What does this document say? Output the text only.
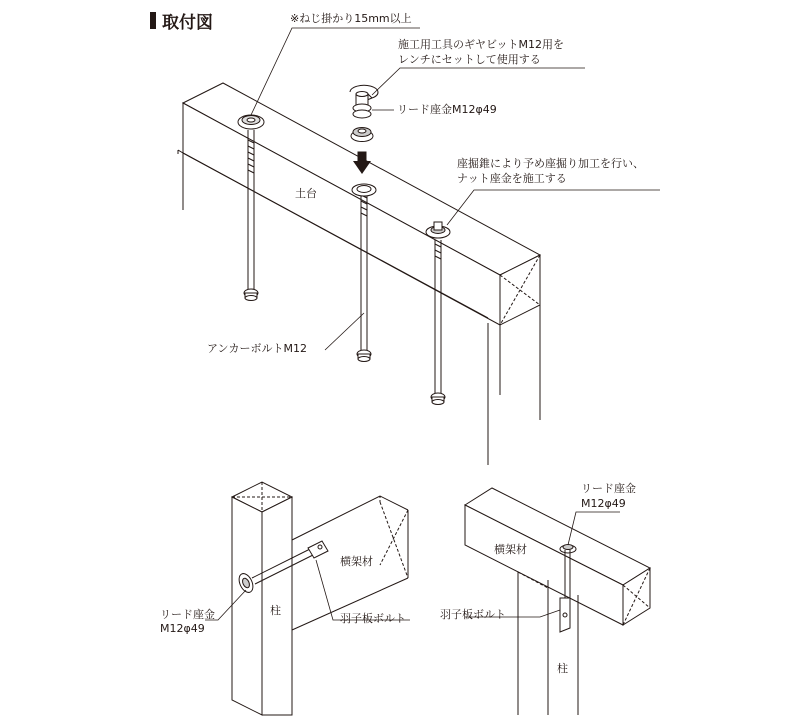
取付図	※ねじ掛かり15mm以上
施工用工具のギヤビットM12用を
レンチにセットして使用する
リード座金M12φ49
座掘錐により予め座掘り加工を行い、
ナット座金を施工する
土台
アンカーボルトM12
横架材
柱
リード座金
M12φ49
羽子板ボルト
リード座金
M12φ49
横架材
羽子板ボルト
柱
